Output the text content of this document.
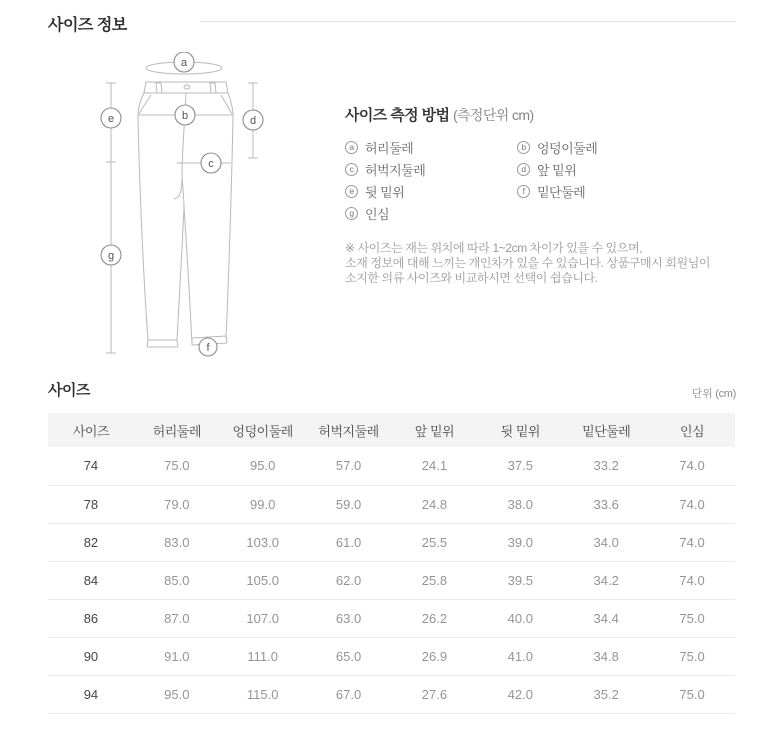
사이즈 정보
a
b
c
d
e
f
g
사이즈 측정 방법 (측정단위 cm)
a 허리둘레	b 엉덩이둘레
c 허벅지둘레	d 앞 밑위
e 뒷 밑위	f 밑단둘레
g 인심
※ 사이즈는 재는 위치에 따라 1~2cm 차이가 있을 수 있으며,
소재 정보에 대해 느끼는 개인차가 있을 수 있습니다. 상품구매시 회원님이
소지한 의류 사이즈와 비교하시면 선택이 쉽습니다.
사이즈	단위 (cm)
사이즈	허리둘레	엉덩이둘레	허벅지둘레	앞 밑위	뒷 밑위	밑단둘레	인심
74	75.0	95.0	57.0	24.1	37.5	33.2	74.0
78	79.0	99.0	59.0	24.8	38.0	33.6	74.0
82	83.0	103.0	61.0	25.5	39.0	34.0	74.0
84	85.0	105.0	62.0	25.8	39.5	34.2	74.0
86	87.0	107.0	63.0	26.2	40.0	34.4	75.0
90	91.0	111.0	65.0	26.9	41.0	34.8	75.0
94	95.0	115.0	67.0	27.6	42.0	35.2	75.0
